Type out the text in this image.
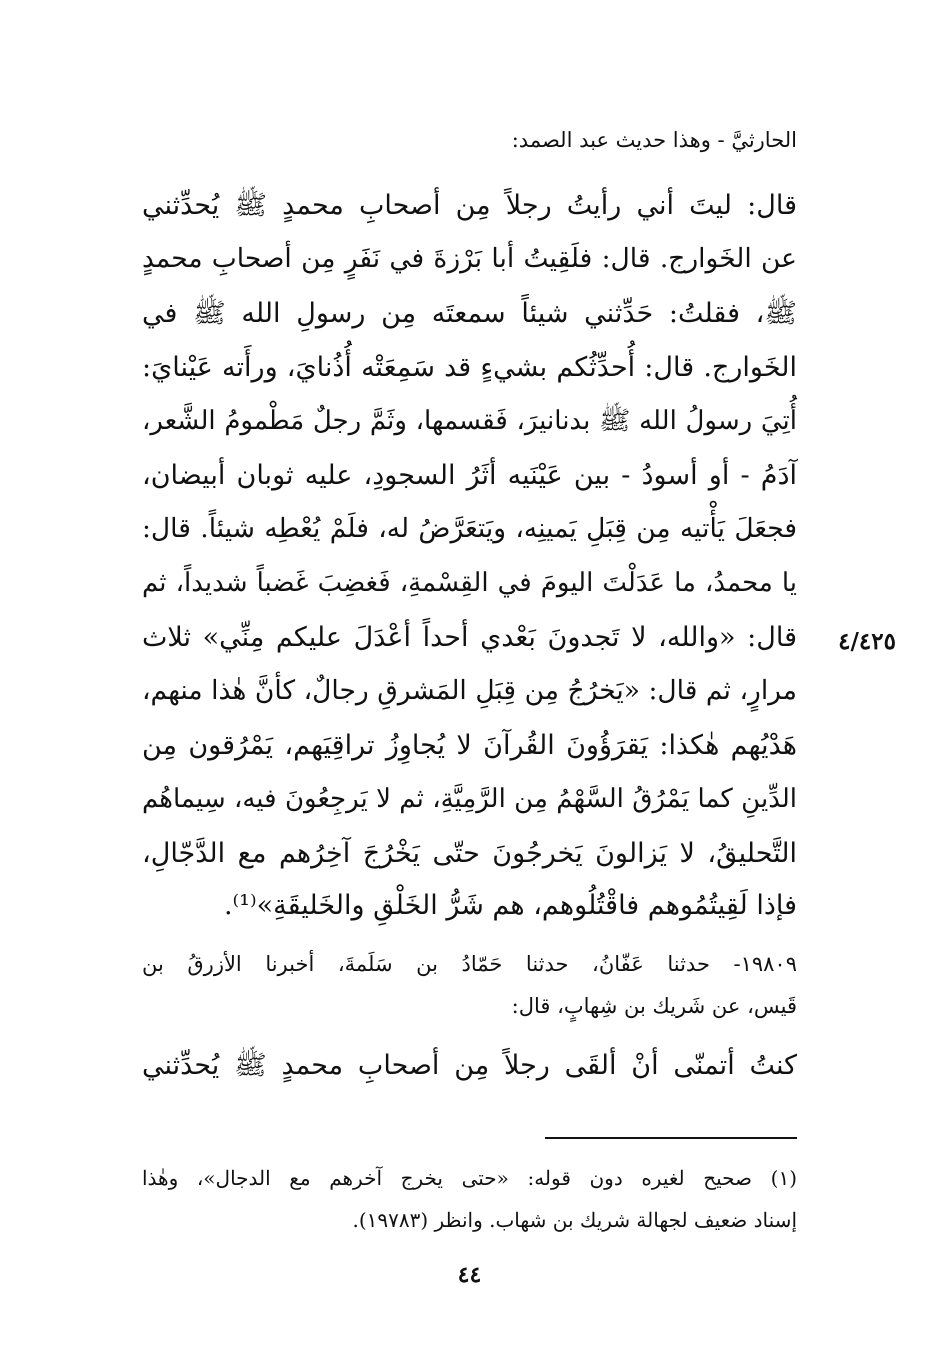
الحارثيَّ - وهذا حديث عبد الصمد:
قال: ليتَ أني رأيتُ رجلاً مِن أصحابِ محمدٍ ﷺ يُحدِّثني
عن الخَوارج. قال: فلَقِيتُ أبا بَرْزةَ في نَفَرٍ مِن أصحابِ محمدٍ
ﷺ، فقلتُ: حَدِّثني شيئاً سمعتَه مِن رسولِ الله ﷺ في
الخَوارج. قال: أُحدِّثُكم بشيءٍ قد سَمِعَتْه أُذُنايَ، ورأَته عَيْنايَ:
أُتِيَ رسولُ الله ﷺ بدنانيرَ، فَقسمها، وثَمَّ رجلٌ مَطْمومُ الشَّعر،
آدَمُ - أو أسودُ - بين عَيْنَيه أثَرُ السجودِ، عليه ثوبان أبيضان،
فجعَلَ يَأْتيه مِن قِبَلِ يَمينِه، ويَتعَرَّضُ له، فلَمْ يُعْطِه شيئاً. قال:
يا محمدُ، ما عَدَلْتَ اليومَ في القِسْمةِ، فَغضِبَ غَضباً شديداً، ثم
قال: «والله، لا تَجدونَ بَعْدي أحداً أعْدَلَ عليكم مِنِّي» ثلاث
مرارٍ، ثم قال: «يَخرُجُ مِن قِبَلِ المَشرقِ رجالٌ، كأنَّ هٰذا منهم،
هَدْيُهم هٰكذا: يَقرَؤُونَ القُرآنَ لا يُجاوِزُ تراقِيَهم، يَمْرُقون مِن
الدِّينِ كما يَمْرُقُ السَّهْمُ مِن الرَّمِيَّةِ، ثم لا يَرجِعُونَ فيه، سِيماهُم
التَّحليقُ، لا يَزالونَ يَخرجُونَ حتّى يَخْرُجَ آخِرُهم مع الدَّجّالِ،
فإذا لَقِيتُمُوهم فاقْتُلُوهم، هم شَرُّ الخَلْقِ والخَليقَةِ»⁽¹⁾.
٤/٤٢٥
١٩٨٠٩- حدثنا عَفّانُ، حدثنا حَمّادُ بن سَلَمةَ، أخبرنا الأزرقُ بن
قَيس، عن شَريك بن شِهابٍ، قال:
كنتُ أتمنّى أنْ ألقَى رجلاً مِن أصحابِ محمدٍ ﷺ يُحدِّثني
(١) صحيح لغيره دون قوله: «حتى يخرج آخرهم مع الدجال»، وهٰذا
إسناد ضعيف لجهالة شريك بن شهاب. وانظر (١٩٧٨٣).
٤٤
